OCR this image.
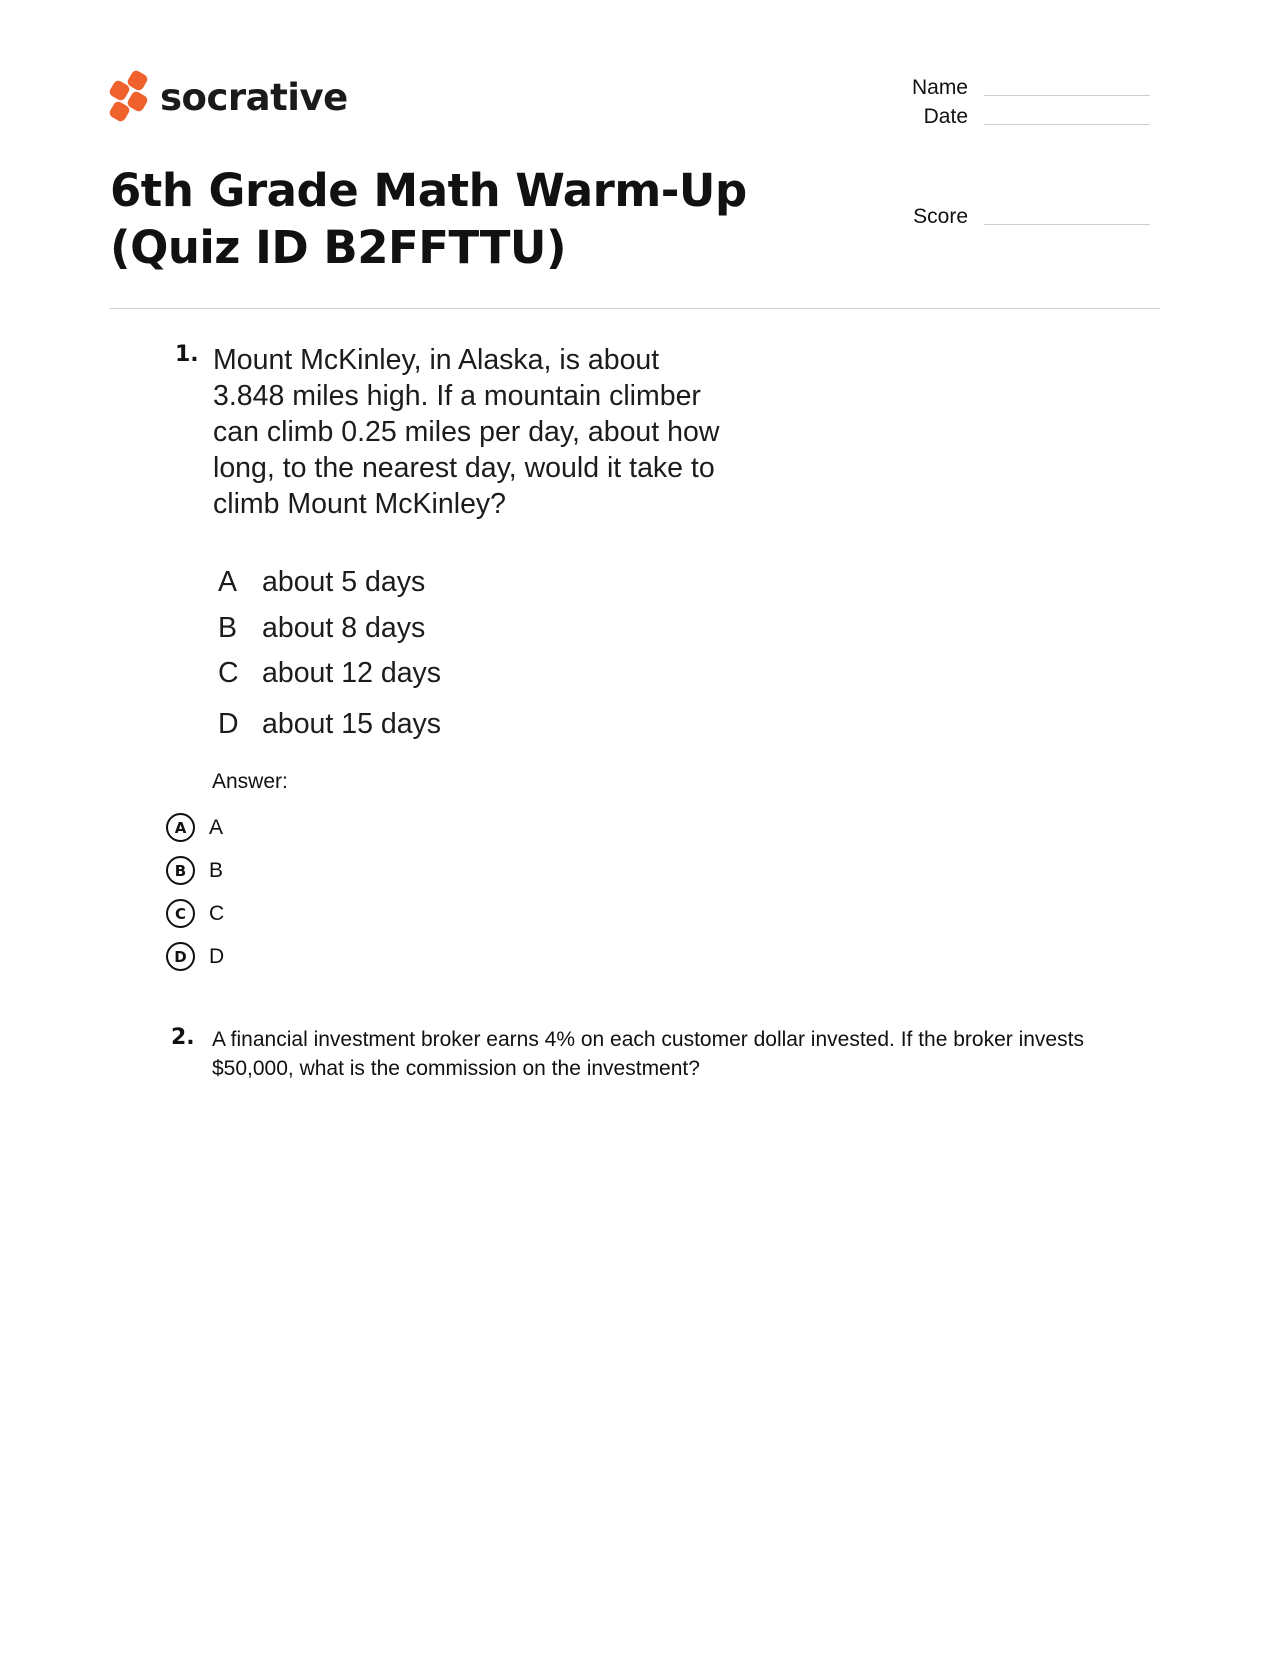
socrative	Name
Date
Score
6th Grade Math Warm-Up (Quiz ID B2FFTTU)
1. Mount McKinley, in Alaska, is about 3.848 miles high. If a mountain climber can climb 0.25 miles per day, about how long, to the nearest day, would it take to climb Mount McKinley?
A about 5 days
B about 8 days
C about 12 days
D about 15 days
Answer:
A	A
B	B
C	C
D	D
2. A financial investment broker earns 4% on each customer dollar invested. If the broker invests $50,000, what is the commission on the investment?
